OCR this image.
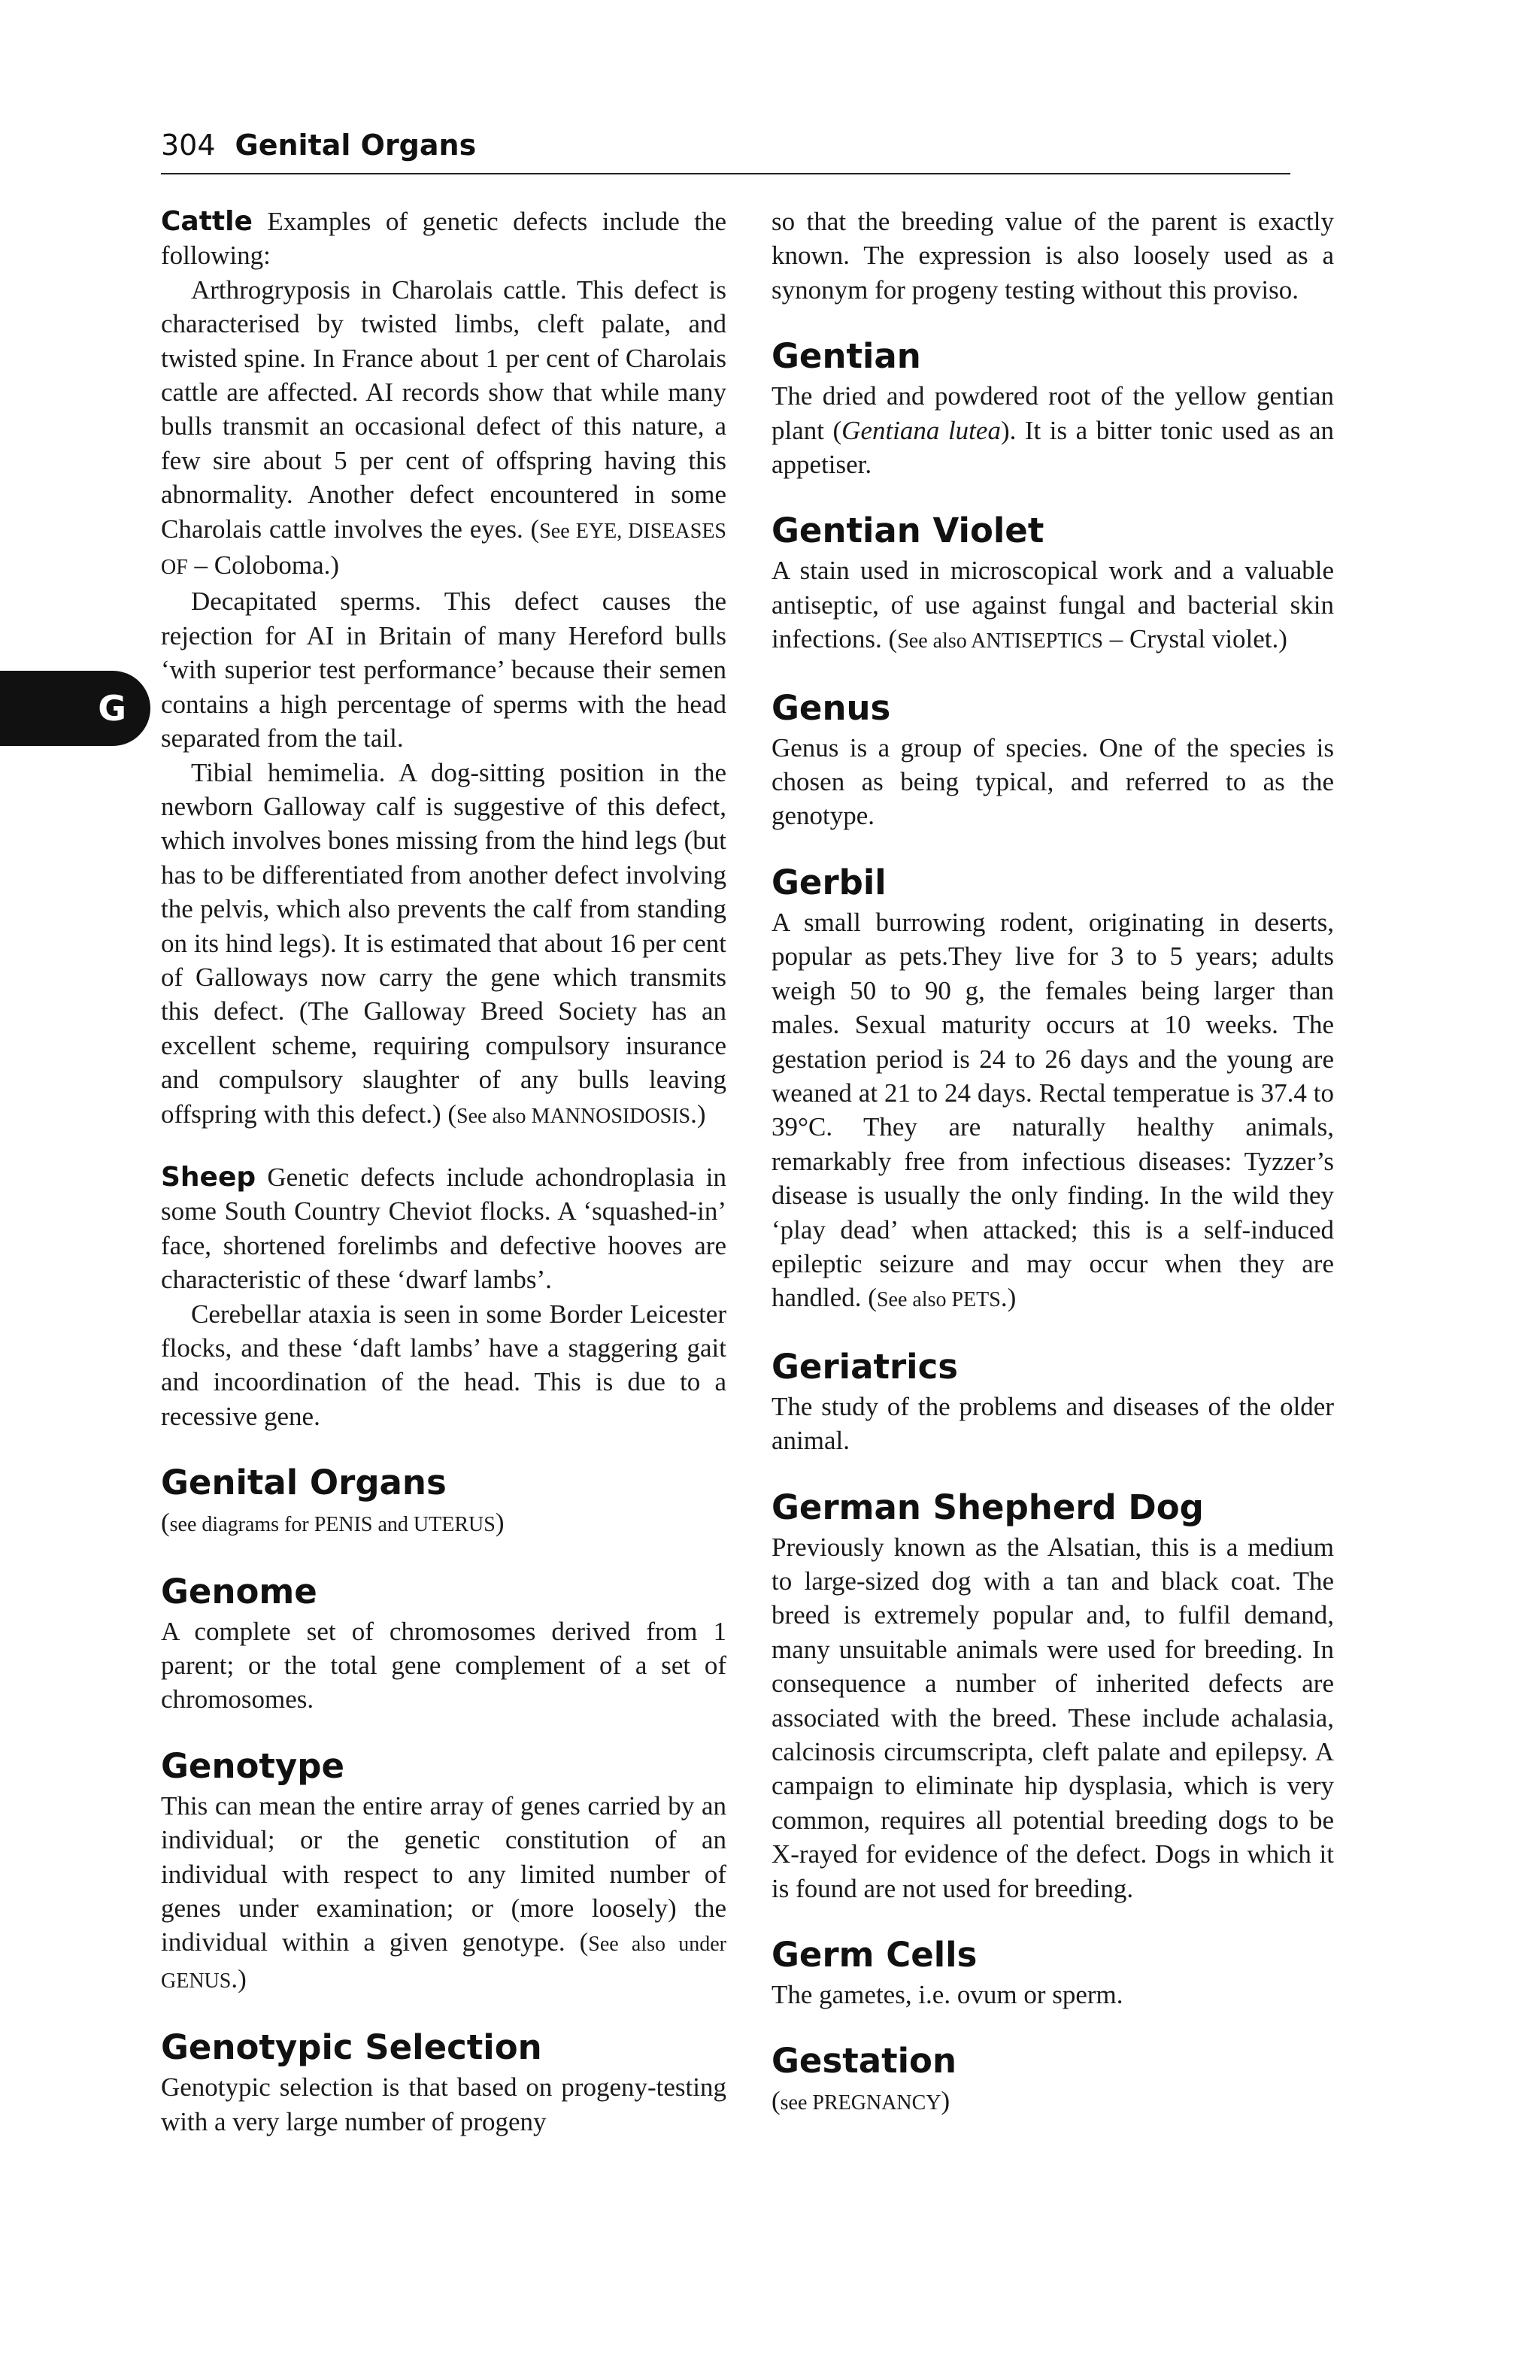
304 Genital Organs
G

Cattle Examples of genetic defects include the following:

Arthrogryposis in Charolais cattle. This defect is characterised by twisted limbs, cleft palate, and twisted spine. In France about 1 per cent of Charolais cattle are affected. AI records show that while many bulls transmit an occasional defect of this nature, a few sire about 5 per cent of offspring having this abnormality. Another defect encountered in some Charolais cattle involves the eyes. (See EYE, DISEASES OF – Coloboma.)

Decapitated sperms. This defect causes the rejection for AI in Britain of many Hereford bulls ‘with superior test performance’ because their semen contains a high percentage of sperms with the head separated from the tail.

Tibial hemimelia. A dog-sitting position in the newborn Galloway calf is suggestive of this defect, which involves bones missing from the hind legs (but has to be differentiated from another defect involving the pelvis, which also prevents the calf from standing on its hind legs). It is estimated that about 16 per cent of Galloways now carry the gene which transmits this defect. (The Galloway Breed Society has an excellent scheme, requiring compulsory insurance and compulsory slaughter of any bulls leaving offspring with this defect.) (See also MANNOSIDOSIS.)

Sheep Genetic defects include achondroplasia in some South Country Cheviot flocks. A ‘squashed-in’ face, shortened forelimbs and defective hooves are characteristic of these ‘dwarf lambs’.

Cerebellar ataxia is seen in some Border Leicester flocks, and these ‘daft lambs’ have a staggering gait and incoordination of the head. This is due to a recessive gene.

Genital Organs

(see diagrams for PENIS and UTERUS)

Genome

A complete set of chromosomes derived from 1 parent; or the total gene complement of a set of chromosomes.

Genotype

This can mean the entire array of genes carried by an individual; or the genetic constitution of an individual with respect to any limited number of genes under examination; or (more loosely) the individual within a given genotype. (See also under GENUS.)

Genotypic Selection

Genotypic selection is that based on progeny-testing with a very large number of progeny

so that the breeding value of the parent is exactly known. The expression is also loosely used as a synonym for progeny testing without this proviso.

Gentian

The dried and powdered root of the yellow gentian plant (Gentiana lutea). It is a bitter tonic used as an appetiser.

Gentian Violet

A stain used in microscopical work and a valuable antiseptic, of use against fungal and bacterial skin infections. (See also ANTISEPTICS – Crystal violet.)

Genus

Genus is a group of species. One of the species is chosen as being typical, and referred to as the genotype.

Gerbil

A small burrowing rodent, originating in deserts, popular as pets.They live for 3 to 5 years; adults weigh 50 to 90 g, the females being larger than males. Sexual maturity occurs at 10 weeks. The gestation period is 24 to 26 days and the young are weaned at 21 to 24 days. Rectal temperatue is 37.4 to 39°C. They are naturally healthy animals, remarkably free from infectious diseases: Tyzzer’s disease is usually the only finding. In the wild they ‘play dead’ when attacked; this is a self-induced epileptic seizure and may occur when they are handled. (See also PETS.)

Geriatrics

The study of the problems and diseases of the older animal.

German Shepherd Dog

Previously known as the Alsatian, this is a medium to large-sized dog with a tan and black coat. The breed is extremely popular and, to fulfil demand, many unsuitable animals were used for breeding. In consequence a number of inherited defects are associated with the breed. These include achalasia, calcinosis circumscripta, cleft palate and epilepsy. A campaign to eliminate hip dysplasia, which is very common, requires all potential breeding dogs to be X-rayed for evidence of the defect. Dogs in which it is found are not used for breeding.

Germ Cells

The gametes, i.e. ovum or sperm.

Gestation

(see PREGNANCY)
